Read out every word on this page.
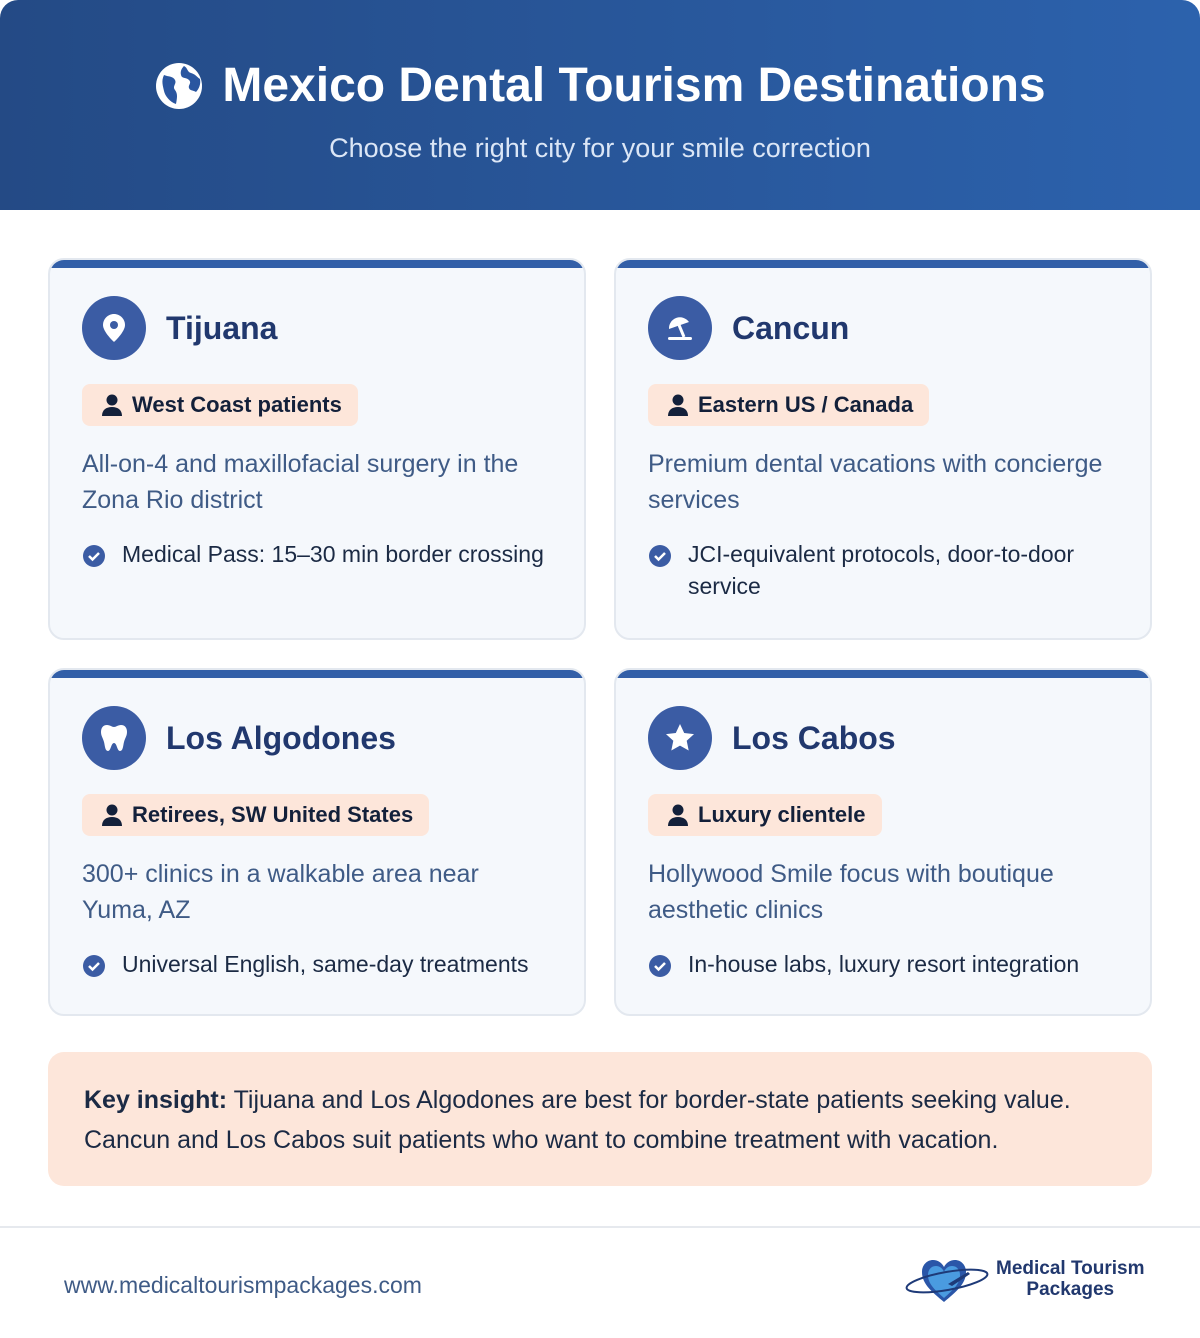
Mexico Dental Tourism Destinations
Choose the right city for your smile correction
Tijuana
West Coast patients
All-on-4 and maxillofacial surgery in the Zona Rio district
Medical Pass: 15–30 min border crossing
Cancun
Eastern US / Canada
Premium dental vacations with concierge services
JCI-equivalent protocols, door-to-door service
Los Algodones
Retirees, SW United States
300+ clinics in a walkable area near Yuma, AZ
Universal English, same-day treatments
Los Cabos
Luxury clientele
Hollywood Smile focus with boutique aesthetic clinics
In-house labs, luxury resort integration
Key insight: Tijuana and Los Algodones are best for border-state patients seeking value. Cancun and Los Cabos suit patients who want to combine treatment with vacation.
www.medicaltourismpackages.com
Medical Tourism
Packages
